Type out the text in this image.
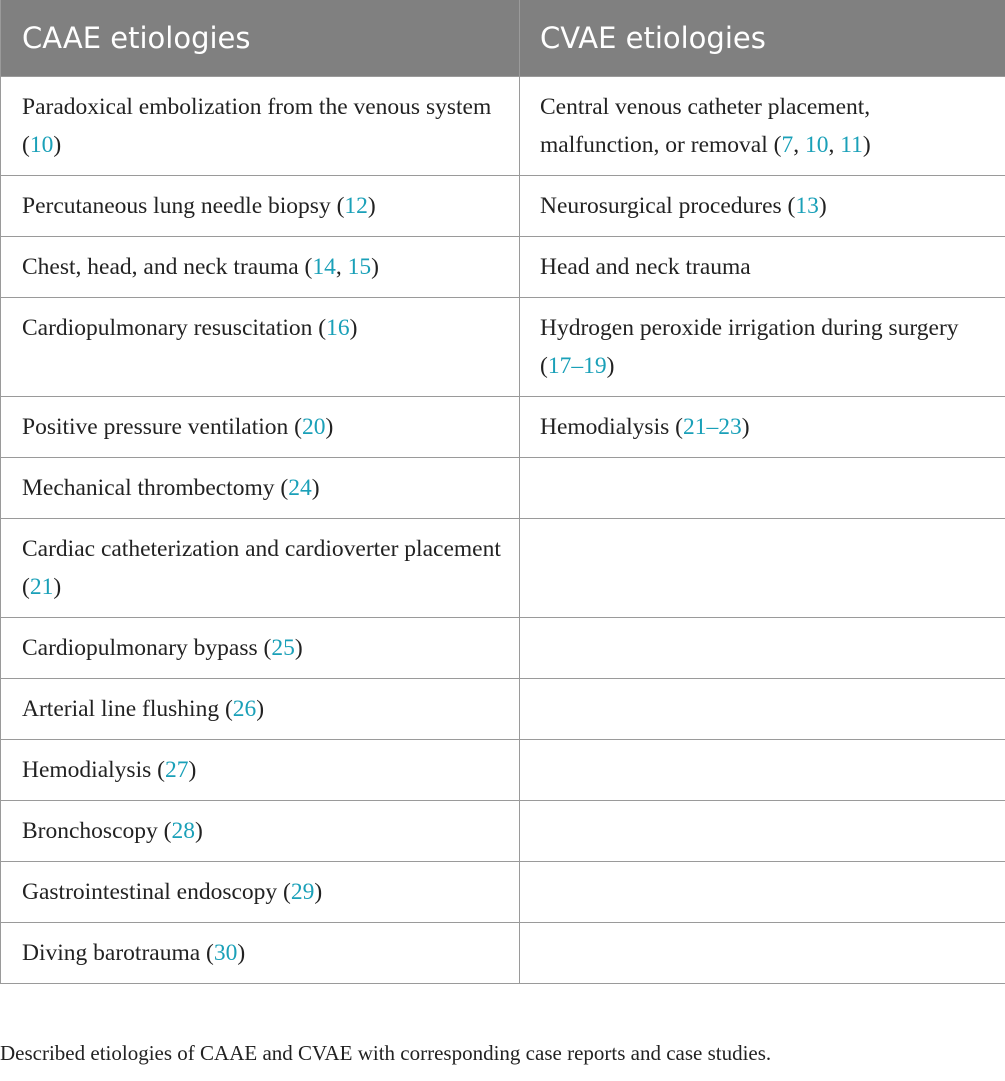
CAAE etiologies	CVAE etiologies
Paradoxical embolization from the venous system (10)	Central venous catheter placement, malfunction, or removal (7, 10, 11)
Percutaneous lung needle biopsy (12)	Neurosurgical procedures (13)
Chest, head, and neck trauma (14, 15)	Head and neck trauma
Cardiopulmonary resuscitation (16)	Hydrogen peroxide irrigation during surgery (17–19)
Positive pressure ventilation (20)	Hemodialysis (21–23)
Mechanical thrombectomy (24)	
Cardiac catheterization and cardioverter placement (21)	
Cardiopulmonary bypass (25)	
Arterial line flushing (26)	
Hemodialysis (27)	
Bronchoscopy (28)	
Gastrointestinal endoscopy (29)	
Diving barotrauma (30)	
Described etiologies of CAAE and CVAE with corresponding case reports and case studies.
